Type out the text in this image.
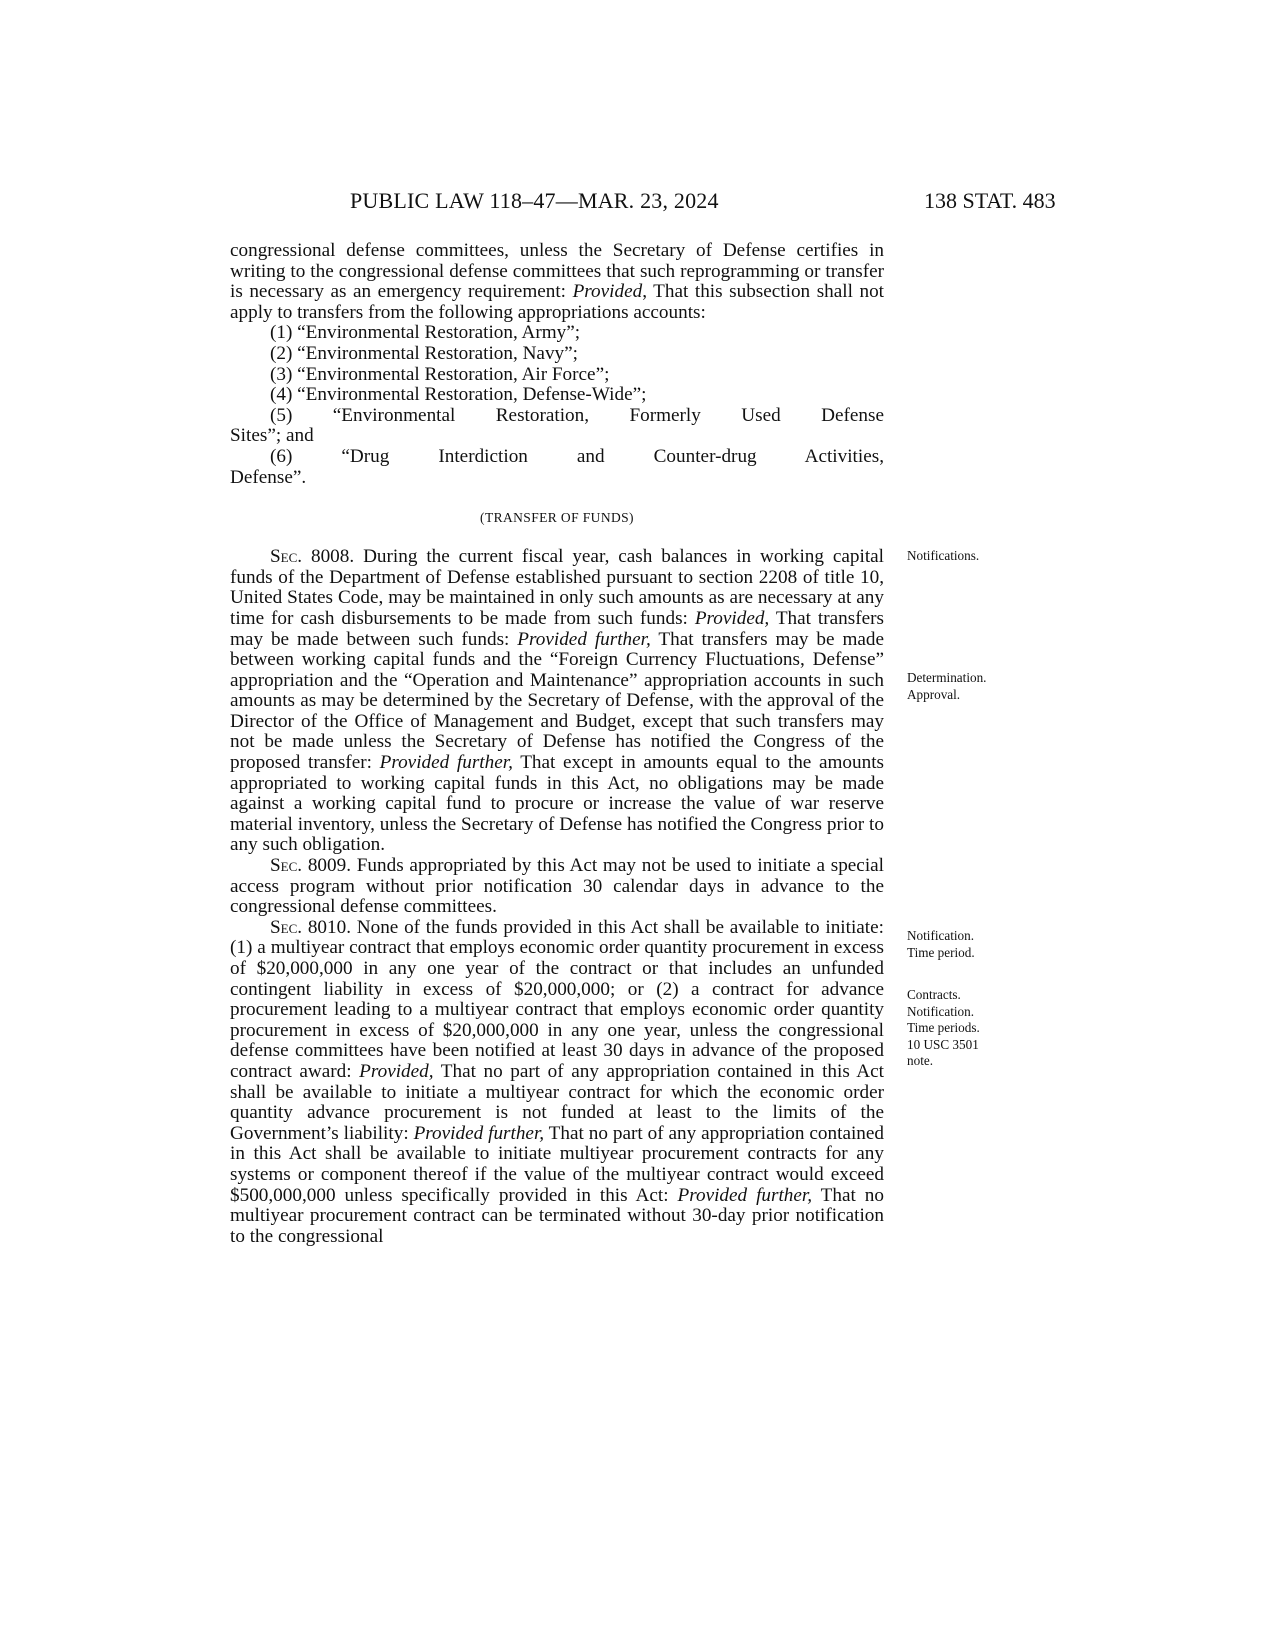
PUBLIC LAW 118–47—MAR. 23, 2024	138 STAT. 483

congressional defense committees, unless the Secretary of Defense certifies in writing to the congressional defense committees that such reprogramming or transfer is necessary as an emergency requirement: Provided, That this subsection shall not apply to transfers from the following appropriations accounts:

(1) “Environmental Restoration, Army”;

(2) “Environmental Restoration, Navy”;

(3) “Environmental Restoration, Air Force”;

(4) “Environmental Restoration, Defense-Wide”;

(5) “Environmental Restoration, Formerly Used Defense

Sites”; and

(6) “Drug Interdiction and Counter-drug Activities,

Defense”.

(TRANSFER OF FUNDS)

Sec. 8008. During the current fiscal year, cash balances in working capital funds of the Department of Defense established pursuant to section 2208 of title 10, United States Code, may be maintained in only such amounts as are necessary at any time for cash disbursements to be made from such funds: Provided, That transfers may be made between such funds: Provided further, That transfers may be made between working capital funds and the “Foreign Currency Fluctuations, Defense” appropriation and the “Operation and Maintenance” appropriation accounts in such amounts as may be determined by the Secretary of Defense, with the approval of the Director of the Office of Management and Budget, except that such transfers may not be made unless the Secretary of Defense has notified the Congress of the proposed transfer: Provided further, That except in amounts equal to the amounts appropriated to working capital funds in this Act, no obligations may be made against a working capital fund to procure or increase the value of war reserve material inventory, unless the Secretary of Defense has notified the Congress prior to any such obligation.

Sec. 8009. Funds appropriated by this Act may not be used to initiate a special access program without prior notification 30 calendar days in advance to the congressional defense committees.

Sec. 8010. None of the funds provided in this Act shall be available to initiate: (1) a multiyear contract that employs economic order quantity procurement in excess of $20,000,000 in any one year of the contract or that includes an unfunded contingent liability in excess of $20,000,000; or (2) a contract for advance procurement leading to a multiyear contract that employs economic order quantity procurement in excess of $20,000,000 in any one year, unless the congressional defense committees have been notified at least 30 days in advance of the proposed contract award: Provided, That no part of any appropriation contained in this Act shall be available to initiate a multiyear contract for which the economic order quantity advance procurement is not funded at least to the limits of the Government’s liability: Provided further, That no part of any appropriation contained in this Act shall be available to initiate multiyear procurement contracts for any systems or component thereof if the value of the multiyear contract would exceed $500,000,000 unless specifically provided in this Act: Provided further, That no multiyear procurement contract can be terminated without 30-day prior notification to the congressional

Notifications.
Determination.
Approval.
Notification.
Time period.
Contracts.
Notification.
Time periods.
10 USC 3501
note.
